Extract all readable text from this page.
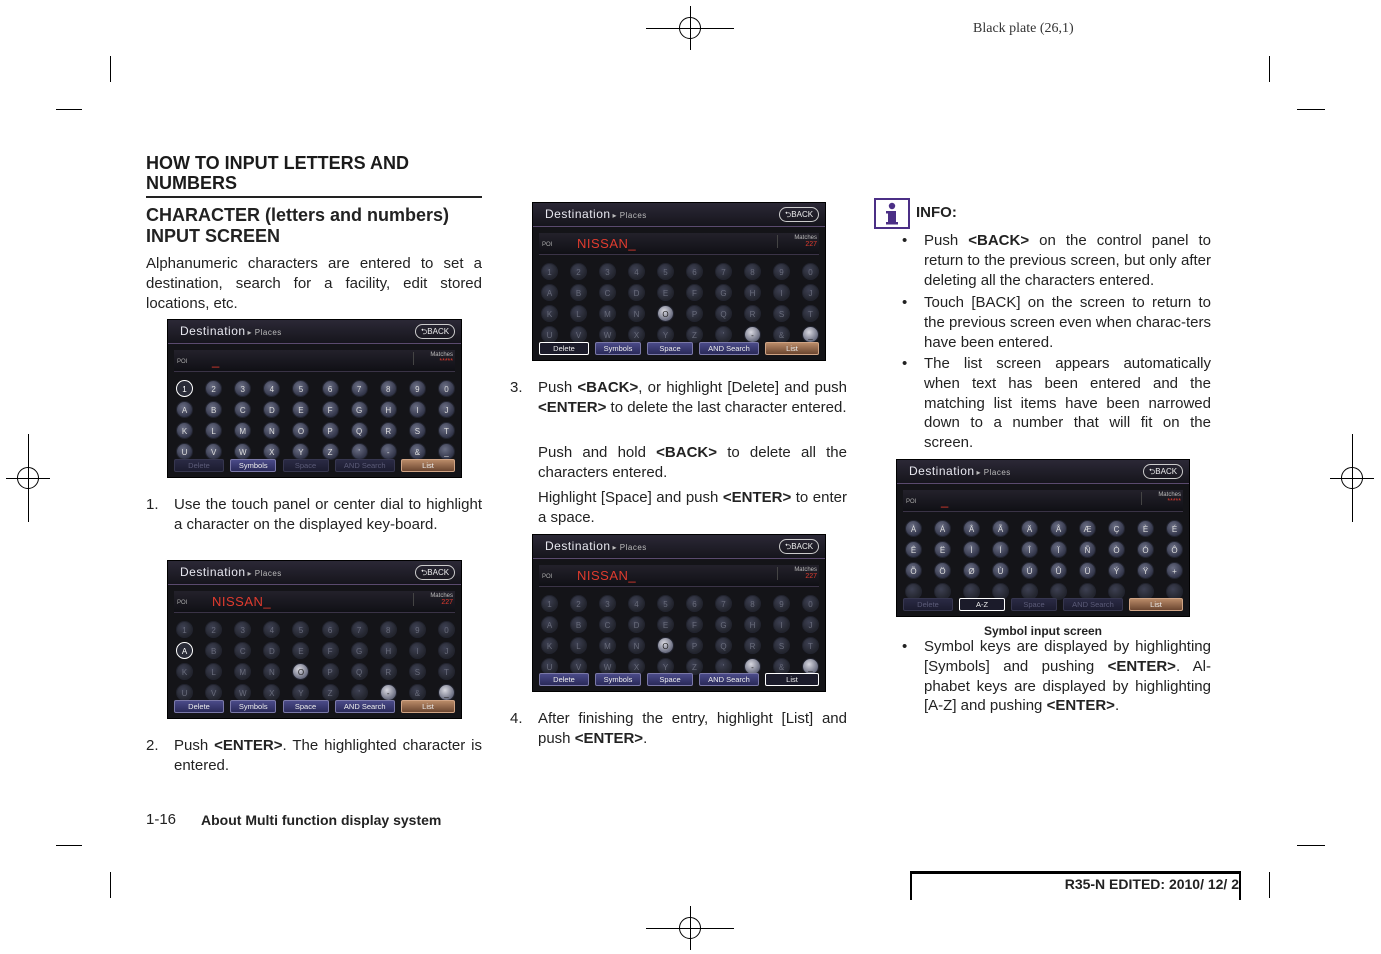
Black plate (26,1)
HOW TO INPUT LETTERS AND NUMBERS
CHARACTER (letters and numbers) INPUT SCREEN
Alphanumeric characters are entered to set a destination, search for a facility, edit stored locations, etc.
Destination ▸ Places	⮌BACK
POI _	Matches
*****
1	2	3	4	5	6	7	8	9	0
A	B	C	D	E	F	G	H	I	J
K	L	M	N	O	P	Q	R	S	T
U	V	W	X	Y	Z	'	-	&	_
Delete	Symbols	Space	AND Search	List
1. Use the touch panel or center dial to highlight a character on the displayed key-board.
Destination ▸ Places	⮌BACK
POI NISSAN_	Matches
227
1	2	3	4	5	6	7	8	9	0
A	B	C	D	E	F	G	H	I	J
K	L	M	N	O	P	Q	R	S	T
U	V	W	X	Y	Z	'	-	&	_
Delete	Symbols	Space	AND Search	List
2. Push <ENTER>. The highlighted character is entered.
1-16 About Multi function display system
Destination ▸ Places	⮌BACK
POI NISSAN_	Matches
227
1	2	3	4	5	6	7	8	9	0
A	B	C	D	E	F	G	H	I	J
K	L	M	N	O	P	Q	R	S	T
U	V	W	X	Y	Z	'	-	&	_
Delete	Symbols	Space	AND Search	List
3. Push <BACK>, or highlight [Delete] and push <ENTER> to delete the last character entered.
Push and hold <BACK> to delete all the characters entered.
Highlight [Space] and push <ENTER> to enter a space.
Destination ▸ Places	⮌BACK
POI NISSAN_	Matches
227
1	2	3	4	5	6	7	8	9	0
A	B	C	D	E	F	G	H	I	J
K	L	M	N	O	P	Q	R	S	T
U	V	W	X	Y	Z	'	-	&	_
Delete	Symbols	Space	AND Search	List
4. After finishing the entry, highlight [List] and push <ENTER>.
INFO:
• Push <BACK> on the control panel to return to the previous screen, but only after deleting all the characters entered.
• Touch [BACK] on the screen to return to the previous screen even when charac-ters have been entered.
• The list screen appears automatically when text has been entered and the matching list items have been narrowed down to a number that will fit on the screen.
Destination ▸ Places	⮌BACK
POI _	Matches
*****
À	Á	Â	Ã	Ä	Å	Æ	Ç	È	É
Ê	Ë	Ì	Í	Î	Ï	Ñ	Ò	Ó	Ô
Õ	Ö	Ø	Ù	Ú	Û	Ü	Ý	Ÿ	+
Delete	A-Z	Space	AND Search	List
Symbol input screen
• Symbol keys are displayed by highlighting [Symbols] and pushing <ENTER>. Al-phabet keys are displayed by highlighting [A-Z] and pushing <ENTER>.
R35-N EDITED: 2010/ 12/ 2
